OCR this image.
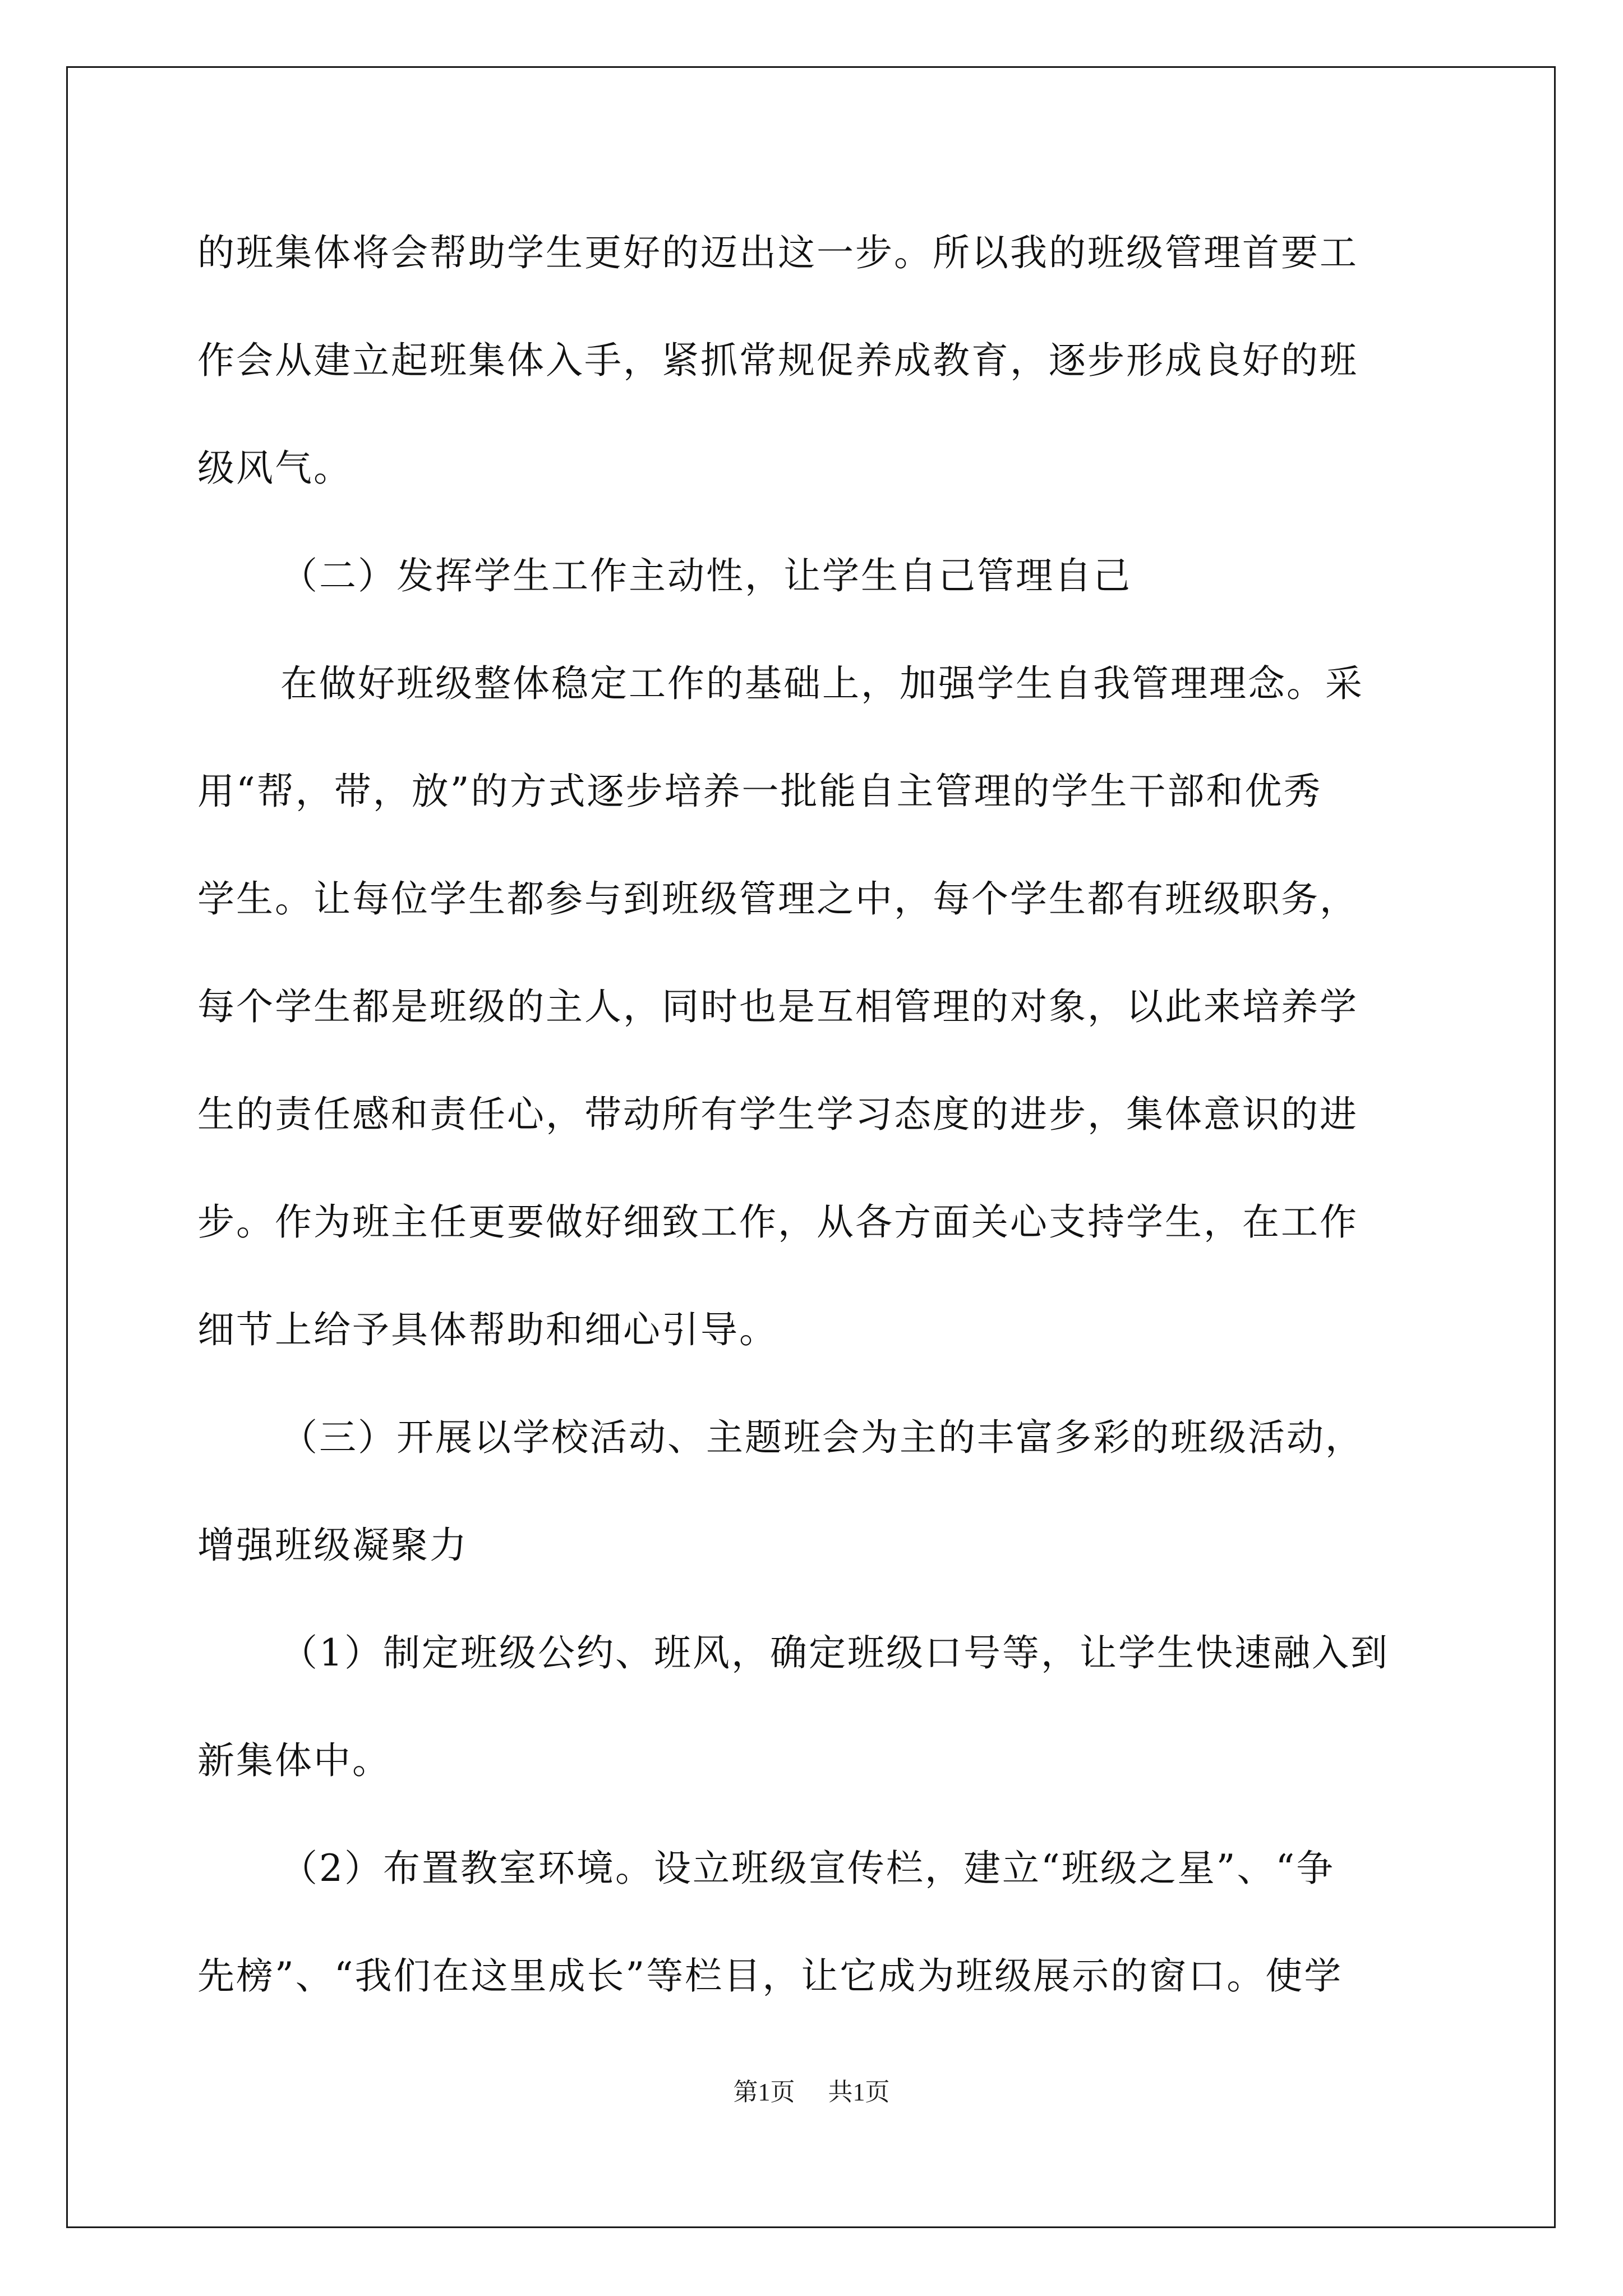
的班集体将会帮助学生更好的迈出这一步。所以我的班级管理首要工
作会从建立起班集体入手，紧抓常规促养成教育，逐步形成良好的班
级风气。
（二）发挥学生工作主动性，让学生自己管理自己
在做好班级整体稳定工作的基础上，加强学生自我管理理念。采
用“帮，带，放”的方式逐步培养一批能自主管理的学生干部和优秀
学生。让每位学生都参与到班级管理之中，每个学生都有班级职务，
每个学生都是班级的主人，同时也是互相管理的对象，以此来培养学
生的责任感和责任心，带动所有学生学习态度的进步，集体意识的进
步。作为班主任更要做好细致工作，从各方面关心支持学生，在工作
细节上给予具体帮助和细心引导。
（三）开展以学校活动、主题班会为主的丰富多彩的班级活动，
增强班级凝聚力
（1）制定班级公约、班风，确定班级口号等，让学生快速融入到
新集体中。
（2）布置教室环境。设立班级宣传栏，建立“班级之星”、“争
先榜”、“我们在这里成长”等栏目，让它成为班级展示的窗口。使学
第1页 共1页
